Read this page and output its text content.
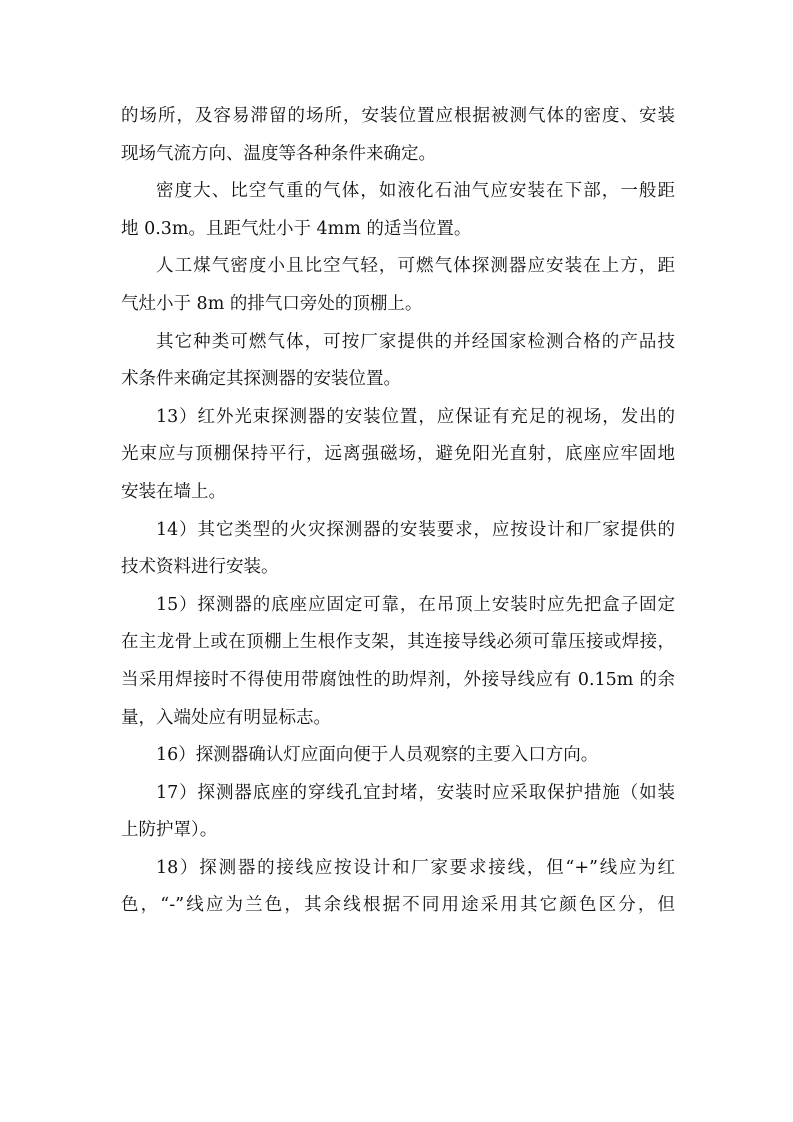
的场所，及容易滞留的场所，安装位置应根据被测气体的密度、安装
现场气流方向、温度等各种条件来确定。
密度大、比空气重的气体，如液化石油气应安装在下部，一般距
地 0.3m。且距气灶小于 4mm 的适当位置。
人工煤气密度小且比空气轻，可燃气体探测器应安装在上方，距
气灶小于 8m 的排气口旁处的顶棚上。
其它种类可燃气体，可按厂家提供的并经国家检测合格的产品技
术条件来确定其探测器的安装位置。
13）红外光束探测器的安装位置，应保证有充足的视场，发出的
光束应与顶棚保持平行，远离强磁场，避免阳光直射，底座应牢固地
安装在墙上。
14）其它类型的火灾探测器的安装要求，应按设计和厂家提供的
技术资料进行安装。
15）探测器的底座应固定可靠，在吊顶上安装时应先把盒子固定
在主龙骨上或在顶棚上生根作支架，其连接导线必须可靠压接或焊接，
当采用焊接时不得使用带腐蚀性的助焊剂，外接导线应有 0.15m 的余
量，入端处应有明显标志。
16）探测器确认灯应面向便于人员观察的主要入口方向。
17）探测器底座的穿线孔宜封堵，安装时应采取保护措施（如装
上防护罩）。
18）探测器的接线应按设计和厂家要求接线，但“+”线应为红
色，“-”线应为兰色，其余线根据不同用途采用其它颜色区分，但
